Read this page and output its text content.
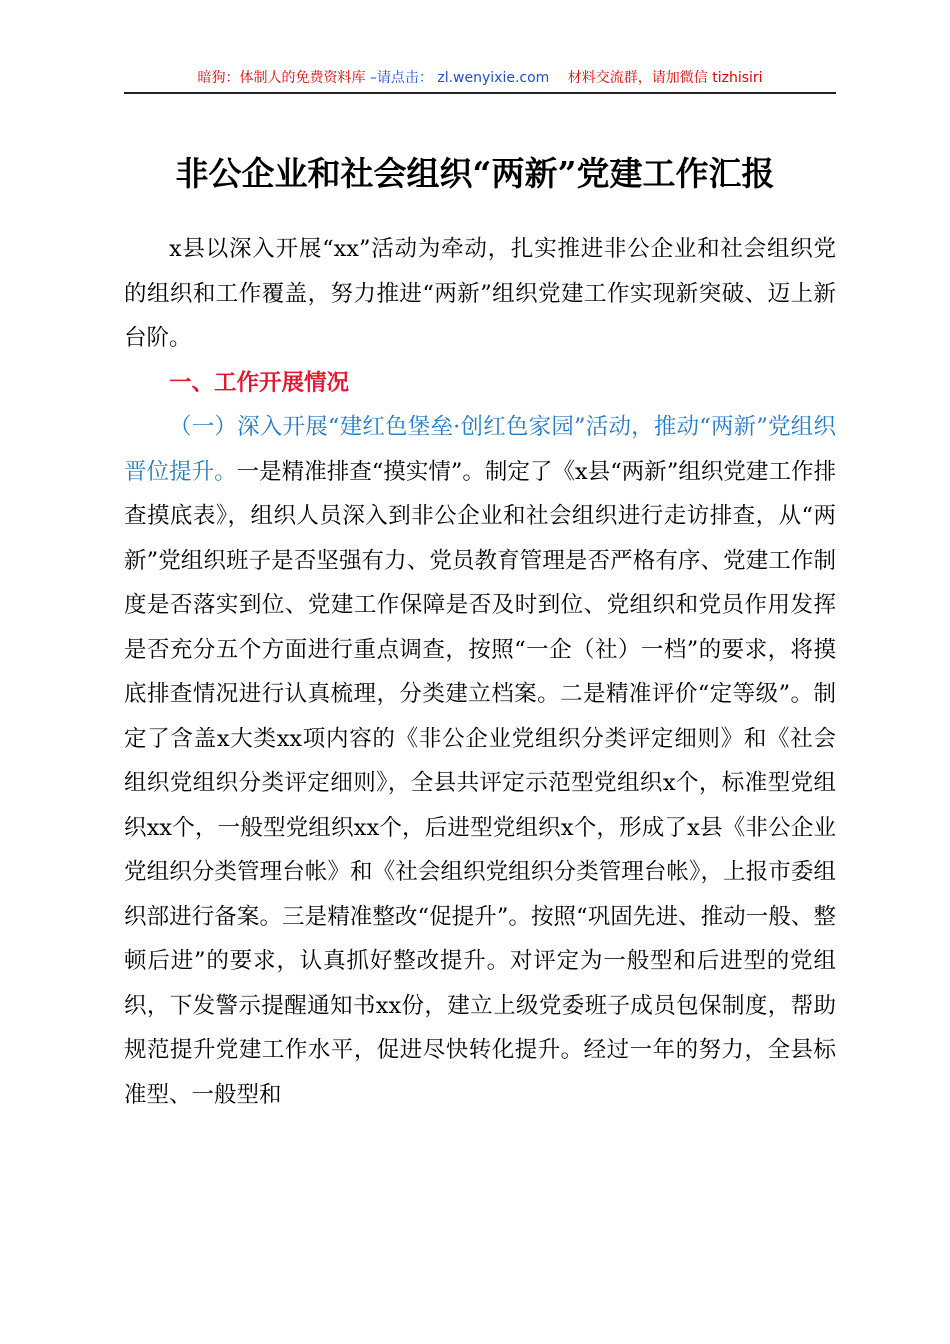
暗狗：体制人的免费资料库 –请点击： zl.wenyixie.com 材料交流群，请加微信 tizhisiri
非公企业和社会组织“两新”党建工作汇报

x县以深入开展“xx”活动为牵动，扎实推进非公企业和社会组织党的组织和工作覆盖，努力推进“两新”组织党建工作实现新突破、迈上新台阶。

一、工作开展情况

（一）深入开展“建红色堡垒·创红色家园”活动，推动“两新”党组织晋位提升。一是精准排查“摸实情”。制定了《x县“两新”组织党建工作排查摸底表》，组织人员深入到非公企业和社会组织进行走访排查，从“两新”党组织班子是否坚强有力、党员教育管理是否严格有序、党建工作制度是否落实到位、党建工作保障是否及时到位、党组织和党员作用发挥是否充分五个方面进行重点调查，按照“一企（社）一档”的要求，将摸底排查情况进行认真梳理，分类建立档案。二是精准评价“定等级”。制定了含盖x大类xx项内容的《非公企业党组织分类评定细则》和《社会组织党组织分类评定细则》，全县共评定示范型党组织x个，标准型党组织xx个，一般型党组织xx个，后进型党组织x个，形成了x县《非公企业党组织分类管理台帐》和《社会组织党组织分类管理台帐》，上报市委组织部进行备案。三是精准整改“促提升”。按照“巩固先进、推动一般、整顿后进”的要求，认真抓好整改提升。对评定为一般型和后进型的党组织，下发警示提醒通知书xx份，建立上级党委班子成员包保制度，帮助规范提升党建工作水平，促进尽快转化提升。经过一年的努力，全县标准型、一般型和
